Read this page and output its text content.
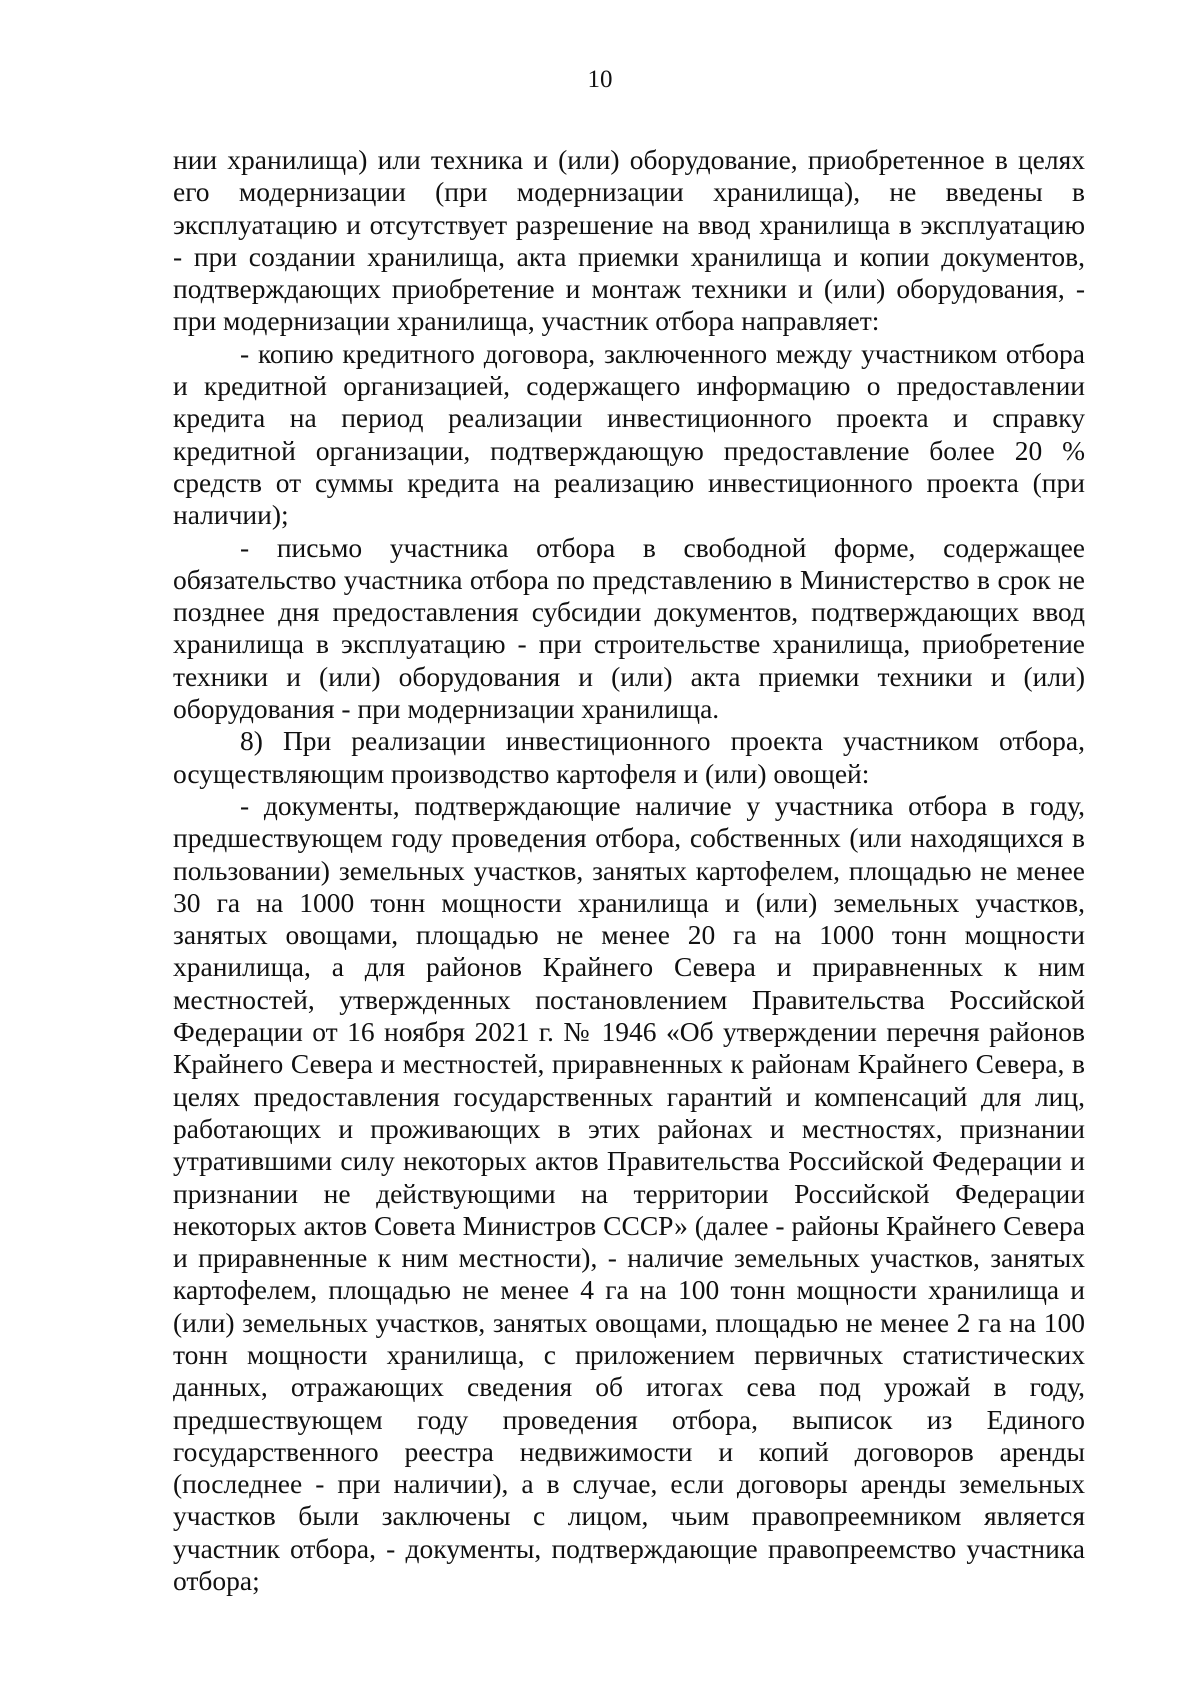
10

нии хранилища) или техника и (или) оборудование, приобретенное в целях его модернизации (при модернизации хранилища), не введены в эксплуатацию и отсутствует разрешение на ввод хранилища в эксплуатацию - при создании хранилища, акта приемки хранилища и копии документов, подтверждающих приобретение и монтаж техники и (или) оборудования, - при модернизации хранилища, участник отбора направляет:

- копию кредитного договора, заключенного между участником отбора и кредитной организацией, содержащего информацию о предоставлении кредита на период реализации инвестиционного проекта и справку кредитной организации, подтверждающую предоставление более 20 % средств от суммы кредита на реализацию инвестиционного проекта (при наличии);

- письмо участника отбора в свободной форме, содержащее обязательство участника отбора по представлению в Министерство в срок не позднее дня предоставления субсидии документов, подтверждающих ввод хранилища в эксплуатацию - при строительстве хранилища, приобретение техники и (или) оборудования и (или) акта приемки техники и (или) оборудования - при модернизации хранилища.

8) При реализации инвестиционного проекта участником отбора, осуществляющим производство картофеля и (или) овощей:

- документы, подтверждающие наличие у участника отбора в году, предшествующем году проведения отбора, собственных (или находящихся в пользовании) земельных участков, занятых картофелем, площадью не менее 30 га на 1000 тонн мощности хранилища и (или) земельных участков, занятых овощами, площадью не менее 20 га на 1000 тонн мощности хранилища, а для районов Крайнего Севера и приравненных к ним местностей, утвержденных постановлением Правительства Российской Федерации от 16 ноября 2021 г. № 1946 «Об утверждении перечня районов Крайнего Севера и местностей, приравненных к районам Крайнего Севера, в целях предоставления государственных гарантий и компенсаций для лиц, работающих и проживающих в этих районах и местностях, признании утратившими силу некоторых актов Правительства Российской Федерации и признании не действующими на территории Российской Федерации некоторых актов Совета Министров СССР» (далее - районы Крайнего Севера и приравненные к ним местности), - наличие земельных участков, занятых картофелем, площадью не менее 4 га на 100 тонн мощности хранилища и (или) земельных участков, занятых овощами, площадью не менее 2 га на 100 тонн мощности хранилища, с приложением первичных статистических данных, отражающих сведения об итогах сева под урожай в году, предшествующем году проведения отбора, выписок из Единого государственного реестра недвижимости и копий договоров аренды (последнее - при наличии), а в случае, если договоры аренды земельных участков были заключены с лицом, чьим правопреемником является участник отбора, - документы, подтверждающие правопреемство участника отбора;
